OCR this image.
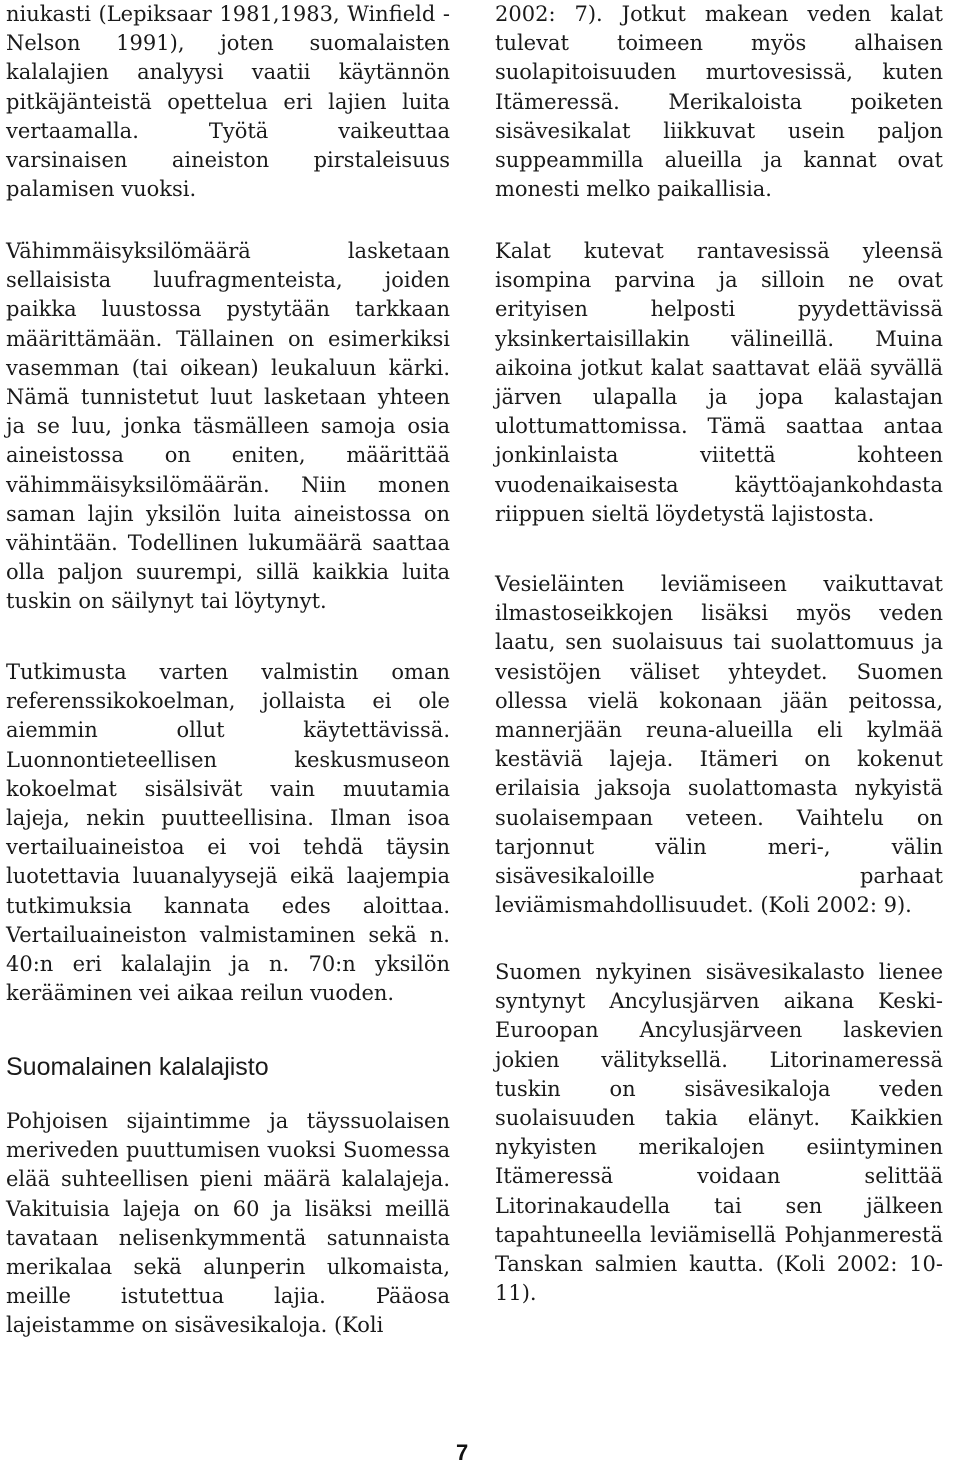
niukasti (Lepiksaar 1981,1983, Winfield - Nelson 1991), joten suomalaisten kalalajien analyysi vaatii käytännön pitkäjänteistä opettelua eri lajien luita vertaamalla. Työtä vaikeuttaa varsinaisen aineiston pirstaleisuus palamisen vuoksi.

Vähimmäisyksilömäärä lasketaan sellaisista luufragmenteista, joiden paikka luustossa pystytään tarkkaan määrittämään. Tällainen on esimerkiksi vasemman (tai oikean) leukaluun kärki. Nämä tunnistetut luut lasketaan yhteen ja se luu, jonka täsmälleen samoja osia aineistossa on eniten, määrittää vähimmäisyksilömäärän. Niin monen saman lajin yksilön luita aineistossa on vähintään. Todellinen lukumäärä saattaa olla paljon suurempi, sillä kaikkia luita tuskin on säilynyt tai löytynyt.

Tutkimusta varten valmistin oman referenssikokoelman, jollaista ei ole aiemmin ollut käytettävissä. Luonnontieteellisen keskusmuseon kokoelmat sisälsivät vain muutamia lajeja, nekin puutteellisina. Ilman isoa vertailuaineistoa ei voi tehdä täysin luotettavia luuanalyysejä eikä laajempia tutkimuksia kannata edes aloittaa. Vertailuaineiston valmistaminen sekä n. 40:n eri kalalajin ja n. 70:n yksilön kerääminen vei aikaa reilun vuoden.

Suomalainen kalalajisto

Pohjoisen sijaintimme ja täyssuolaisen meriveden puuttumisen vuoksi Suomessa elää suhteellisen pieni määrä kalalajeja. Vakituisia lajeja on 60 ja lisäksi meillä tavataan nelisenkymmentä satunnaista merikalaa sekä alunperin ulkomaista, meille istutettua lajia. Pääosa lajeistamme on sisävesikaloja. (Koli

2002: 7). Jotkut makean veden kalat tulevat toimeen myös alhaisen suolapitoisuuden murtovesissä, kuten Itämeressä. Merikaloista poiketen sisävesikalat liikkuvat usein paljon suppeammilla alueilla ja kannat ovat monesti melko paikallisia.

Kalat kutevat rantavesissä yleensä isompina parvina ja silloin ne ovat erityisen helposti pyydettävissä yksinkertaisillakin välineillä. Muina aikoina jotkut kalat saattavat elää syvällä järven ulapalla ja jopa kalastajan ulottumattomissa. Tämä saattaa antaa jonkinlaista viitettä kohteen vuodenaikaisesta käyttöajankohdasta riippuen sieltä löydetystä lajistosta.

Vesieläinten leviämiseen vaikuttavat ilmastoseikkojen lisäksi myös veden laatu, sen suolaisuus tai suolattomuus ja vesistöjen väliset yhteydet. Suomen ollessa vielä kokonaan jään peitossa, mannerjään reuna-alueilla eli kylmää kestäviä lajeja. Itämeri on kokenut erilaisia jaksoja suolattomasta nykyistä suolaisempaan veteen. Vaihtelu on tarjonnut välin meri-, välin sisävesikaloille parhaat leviämismahdollisuudet. (Koli 2002: 9).

Suomen nykyinen sisävesikalasto lienee syntynyt Ancylusjärven aikana Keski-Euroopan Ancylusjärveen laskevien jokien välityksellä. Litorinameressä tuskin on sisävesikaloja veden suolaisuuden takia elänyt. Kaikkien nykyisten merikalojen esiintyminen Itämeressä voidaan selittää Litorinakaudella tai sen jälkeen tapahtuneella leviämisellä Pohjanmerestä Tanskan salmien kautta. (Koli 2002: 10-11).

7
